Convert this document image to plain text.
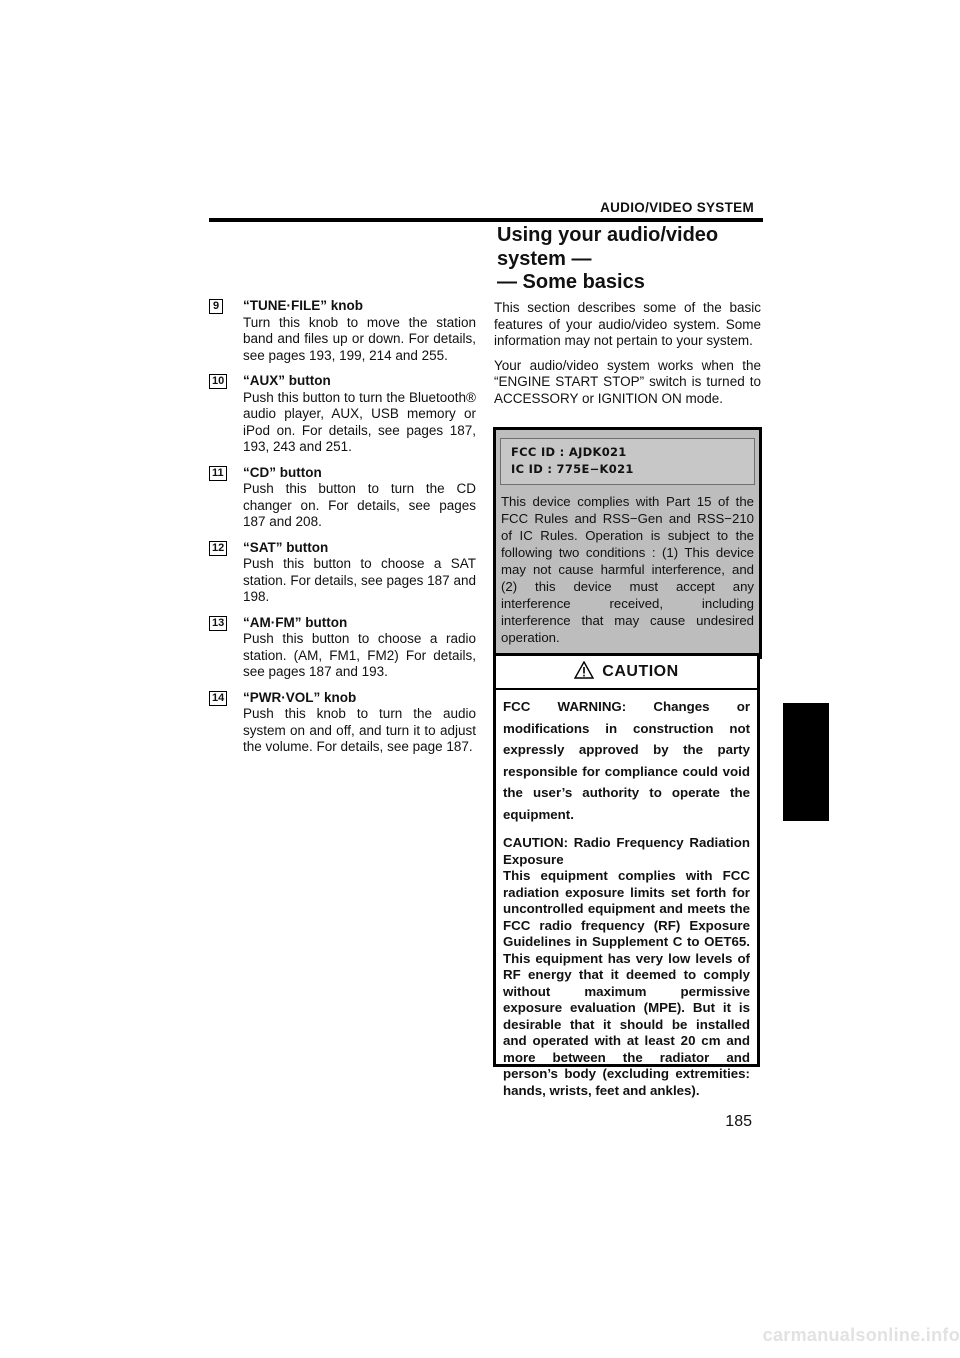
AUDIO/VIDEO SYSTEM
Using your audio/video
system —
— Some basics
9 “TUNE·FILE” knob
Turn this knob to move the station band and files up or down. For details, see pages 193, 199, 214 and 255.
10 “AUX” button
Push this button to turn the Bluetooth® audio player, AUX, USB memory or iPod on. For details, see pages 187, 193, 243 and 251.
11 “CD” button
Push this button to turn the CD changer on. For details, see pages 187 and 208.
12 “SAT” button
Push this button to choose a SAT station. For details, see pages 187 and 198.
13 “AM·FM” button
Push this button to choose a radio station. (AM, FM1, FM2) For details, see pages 187 and 193.
14 “PWR·VOL” knob
Push this knob to turn the audio system on and off, and turn it to adjust the volume. For details, see page 187.

This section describes some of the basic features of your audio/video system. Some information may not pertain to your system.

Your audio/video system works when the “ENGINE START STOP” switch is turned to ACCESSORY or IGNITION ON mode.

FCC ID : AJDK021
IC ID : 775E−K021
This device complies with Part 15 of the FCC Rules and RSS−Gen and RSS−210 of IC Rules. Operation is subject to the following two conditions : (1) This device may not cause harmful interference, and (2) this device must accept any interference received, including interference that may cause undesired operation.
CAUTION

FCC WARNING: Changes or modifications in construction not expressly approved by the party responsible for compliance could void the user’s authority to operate the equipment.

CAUTION: Radio Frequency Radiation Exposure
This equipment complies with FCC radiation exposure limits set forth for uncontrolled equipment and meets the FCC radio frequency (RF) Exposure Guidelines in Supplement C to OET65. This equipment has very low levels of RF energy that it deemed to comply without maximum permissive exposure evaluation (MPE). But it is desirable that it should be installed and operated with at least 20 cm and more between the radiator and person’s body (excluding extremities: hands, wrists, feet and ankles).

185
carmanualsonline.info
